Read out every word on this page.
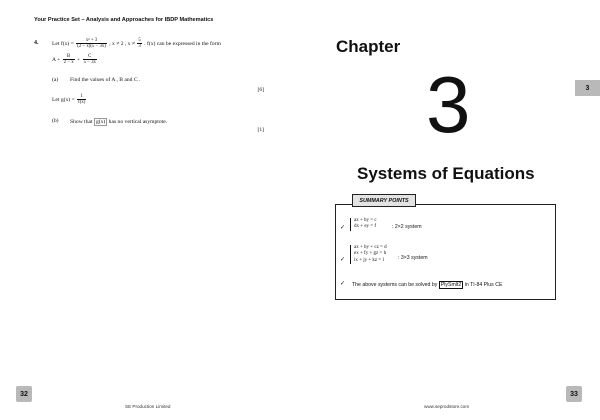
Your Practice Set – Analysis and Approaches for IBDP Mathematics
4. Let $f(x) = \frac{\text{x² + 3}}{(2 - x)(5 - 3x)}$ , x ≠ 2 , $x \ne \frac{5}{3}$ . f(x) can be expressed in the form
$A + \frac{B}{2 - x} + \frac{C}{5 - 3x}$
(a) Find the values of A , B and C .
[6]
Let $g(x) = \frac{1}{f(x)}$
(b) Show that g(x) has no vertical asymptote.
[1]
32
SE Production Limited
Chapter
3	3
Systems of Equations
SUMMARY POINTS
✓
ax + by = c
dx + ey = f	: 2×2 system
✓
ax + by + cz = d
ex + fy + gz = h
ix + jy + kz = l	: 3×3 system
✓ The above systems can be solved by PlySmlt2 in TI-84 Plus CE
33
www.seprodstore.com
